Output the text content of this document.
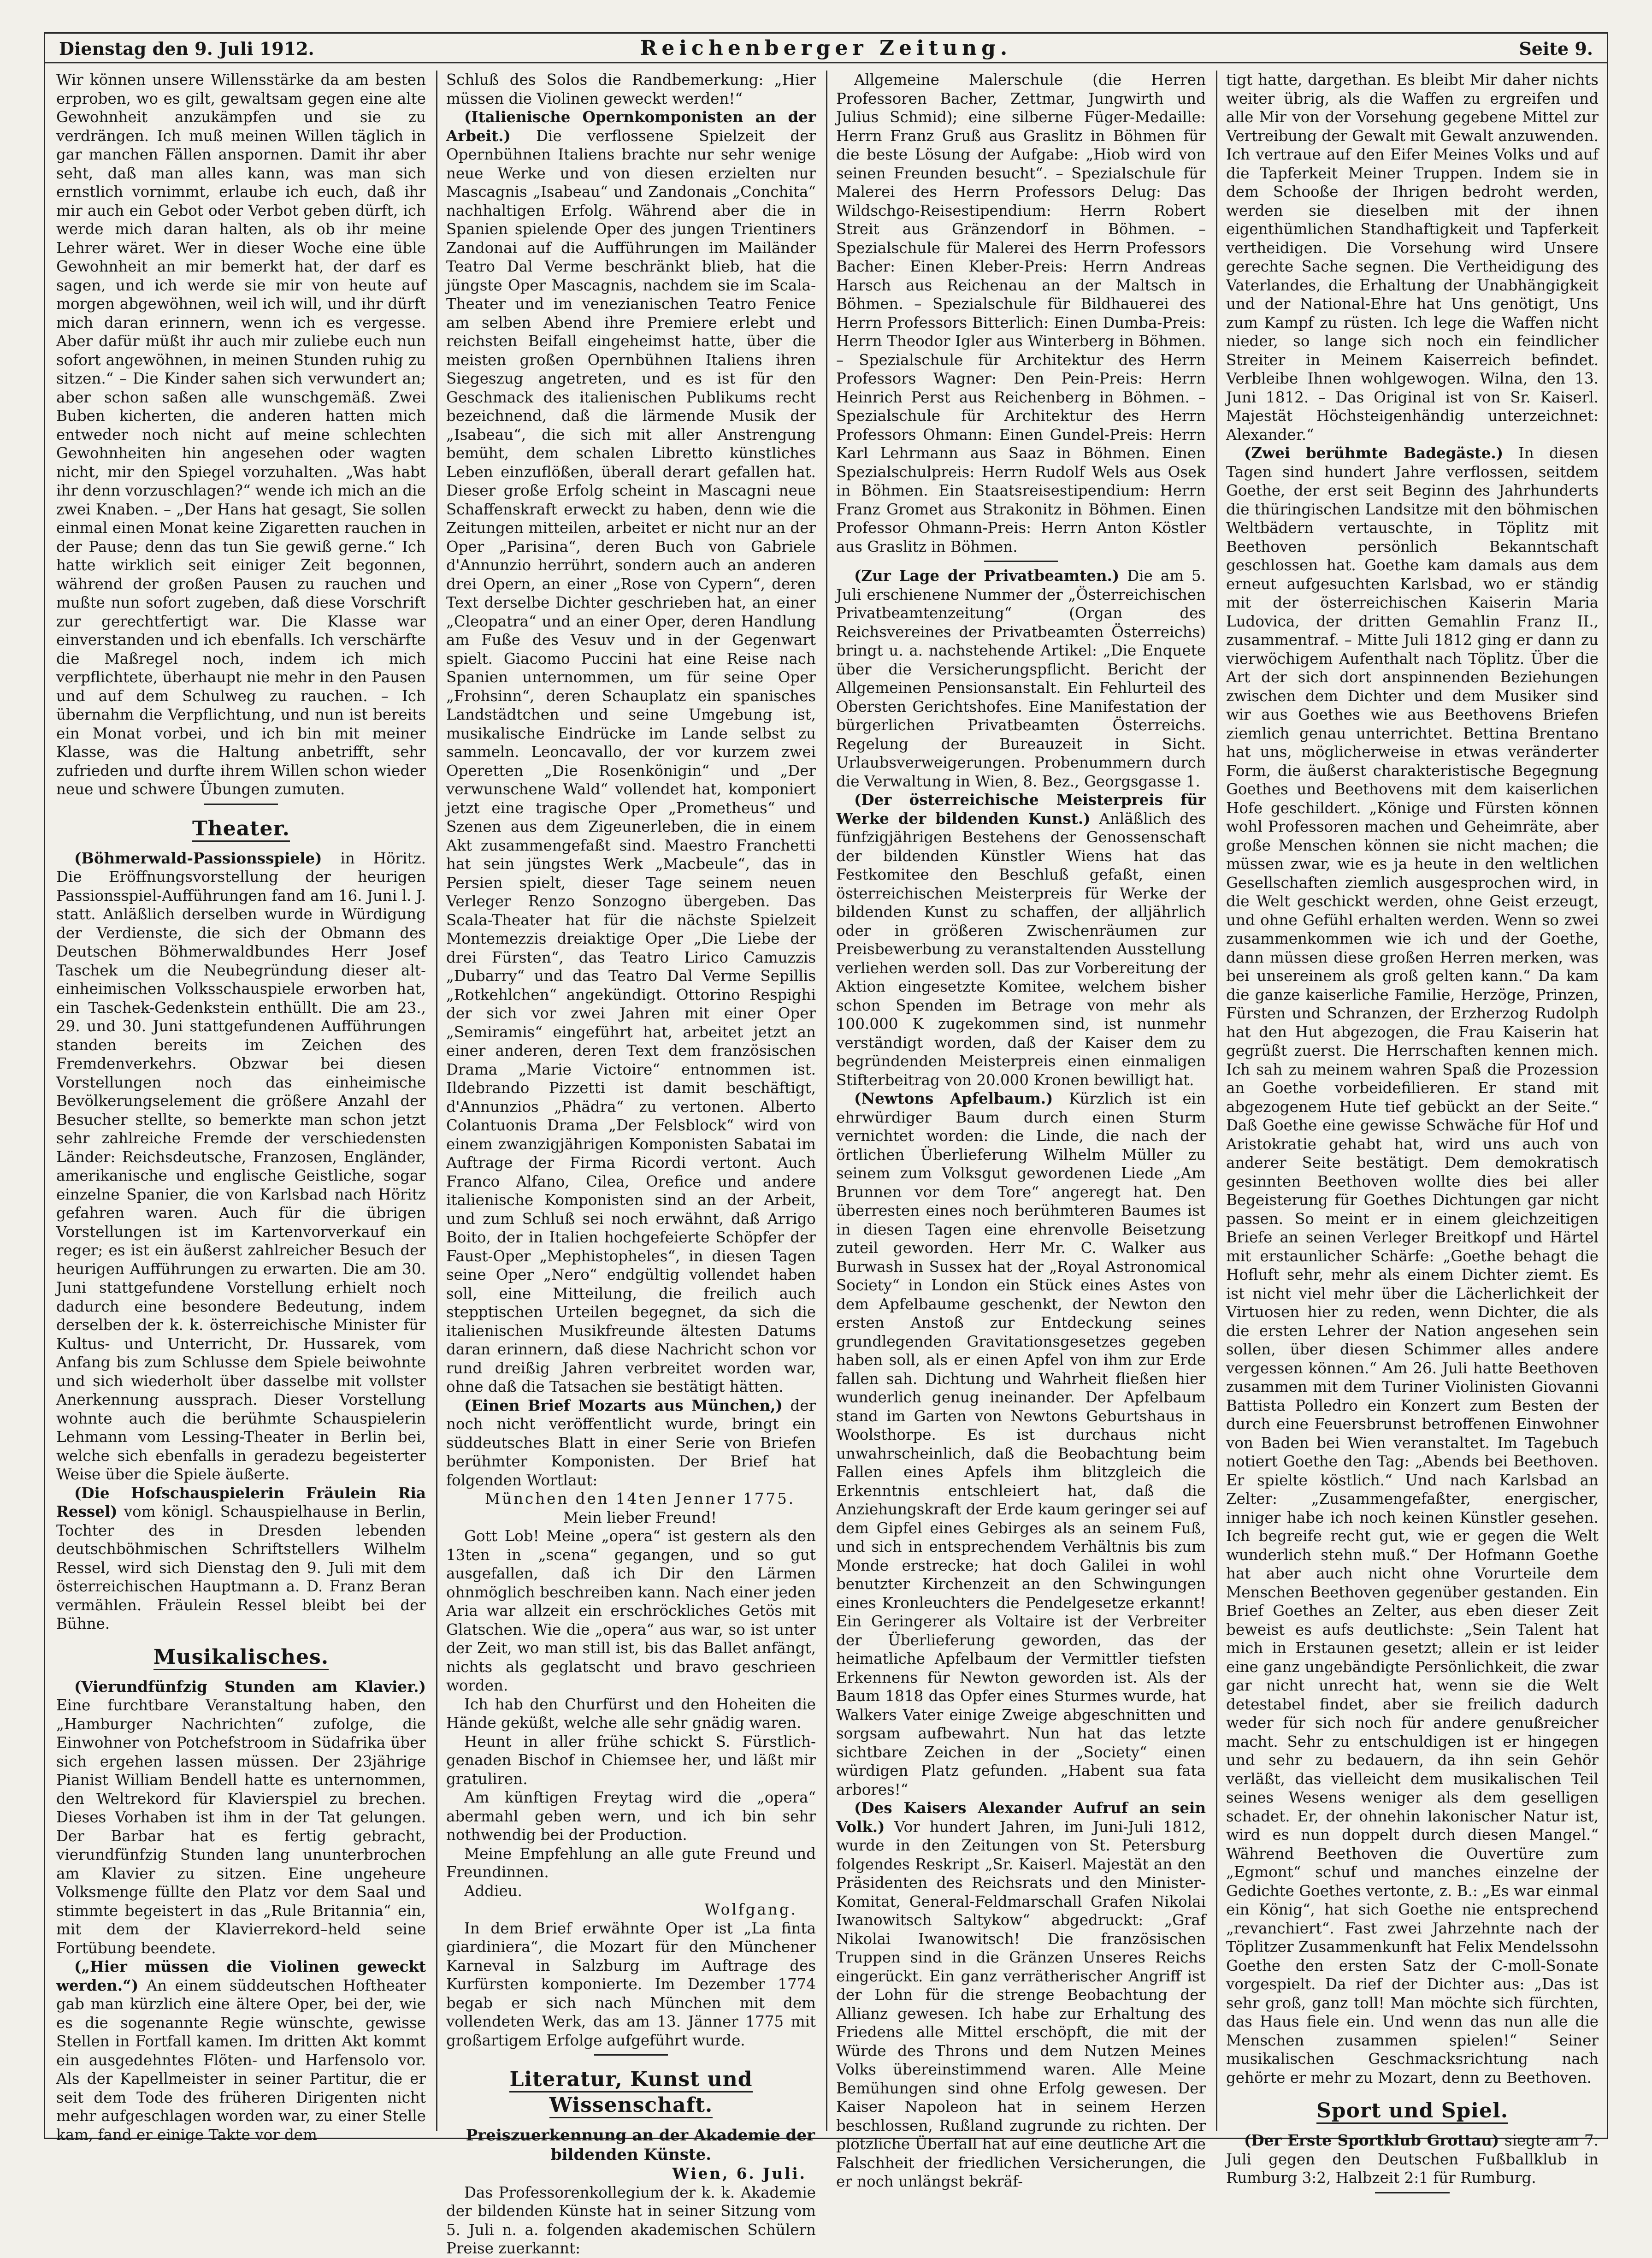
Dienstag den 9. Juli 1912.	Reichenberger Zeitung.	Seite 9.

Wir können unsere Willensstärke da am besten erproben, wo es gilt, gewaltsam gegen eine alte Gewohnheit anzukämpfen und sie zu verdrängen. Ich muß meinen Willen täglich in gar manchen Fällen anspornen. Damit ihr aber seht, daß man alles kann, was man sich ernstlich vornimmt, erlaube ich euch, daß ihr mir auch ein Gebot oder Verbot geben dürft, ich werde mich daran halten, als ob ihr meine Lehrer wäret. Wer in dieser Woche eine üble Gewohnheit an mir bemerkt hat, der darf es sagen, und ich werde sie mir von heute auf morgen abgewöhnen, weil ich will, und ihr dürft mich daran erinnern, wenn ich es vergesse. Aber dafür müßt ihr auch mir zuliebe euch nun sofort angewöhnen, in meinen Stunden ruhig zu sitzen.“ – Die Kinder sahen sich verwundert an; aber schon saßen alle wunschgemäß. Zwei Buben kicherten, die anderen hatten mich entweder noch nicht auf meine schlechten Gewohnheiten hin angesehen oder wagten nicht, mir den Spiegel vorzuhalten. „Was habt ihr denn vorzuschlagen?“ wende ich mich an die zwei Knaben. – „Der Hans hat gesagt, Sie sollen einmal einen Monat keine Zigaretten rauchen in der Pause; denn das tun Sie gewiß gerne.“ Ich hatte wirklich seit einiger Zeit begonnen, während der großen Pausen zu rauchen und mußte nun sofort zugeben, daß diese Vorschrift zur gerechtfertigt war. Die Klasse war einverstanden und ich ebenfalls. Ich verschärfte die Maßregel noch, indem ich mich verpflichtete, überhaupt nie mehr in den Pausen und auf dem Schulweg zu rauchen. – Ich übernahm die Verpflichtung, und nun ist bereits ein Monat vorbei, und ich bin mit meiner Klasse, was die Haltung anbetrifft, sehr zufrieden und durfte ihrem Willen schon wieder neue und schwere Übungen zumuten.

Theater.

(Böhmerwald-Passionsspiele) in Höritz. Die Eröffnungsvorstellung der heurigen Passionsspiel-Aufführungen fand am 16. Juni l. J. statt. Anläßlich derselben wurde in Würdigung der Verdienste, die sich der Obmann des Deutschen Böhmerwaldbundes Herr Josef Taschek um die Neubegründung dieser alt-einheimischen Volksschauspiele erworben hat, ein Taschek-Gedenkstein enthüllt. Die am 23., 29. und 30. Juni stattgefundenen Aufführungen standen bereits im Zeichen des Fremdenverkehrs. Obzwar bei diesen Vorstellungen noch das einheimische Bevölkerungselement die größere Anzahl der Besucher stellte, so bemerkte man schon jetzt sehr zahlreiche Fremde der verschiedensten Länder: Reichsdeutsche, Franzosen, Engländer, amerikanische und englische Geistliche, sogar einzelne Spanier, die von Karlsbad nach Höritz gefahren waren. Auch für die übrigen Vorstellungen ist im Kartenvorverkauf ein reger; es ist ein äußerst zahlreicher Besuch der heurigen Aufführungen zu erwarten. Die am 30. Juni stattgefundene Vorstellung erhielt noch dadurch eine besondere Bedeutung, indem derselben der k. k. österreichische Minister für Kultus- und Unterricht, Dr. Hussarek, vom Anfang bis zum Schlusse dem Spiele beiwohnte und sich wiederholt über dasselbe mit vollster Anerkennung aussprach. Dieser Vorstellung wohnte auch die berühmte Schauspielerin Lehmann vom Lessing-Theater in Berlin bei, welche sich ebenfalls in geradezu begeisterter Weise über die Spiele äußerte.

(Die Hofschauspielerin Fräulein Ria Ressel) vom königl. Schauspielhause in Berlin, Tochter des in Dresden lebenden deutschböhmischen Schriftstellers Wilhelm Ressel, wird sich Dienstag den 9. Juli mit dem österreichischen Hauptmann a. D. Franz Beran vermählen. Fräulein Ressel bleibt bei der Bühne.

Musikalisches.

(Vierundfünfzig Stunden am Klavier.) Eine furchtbare Veranstaltung haben, den „Hamburger Nachrichten“ zufolge, die Einwohner von Potchefstroom in Südafrika über sich ergehen lassen müssen. Der 23jährige Pianist William Bendell hatte es unternommen, den Weltrekord für Klavierspiel zu brechen. Dieses Vorhaben ist ihm in der Tat gelungen. Der Barbar hat es fertig gebracht, vierundfünfzig Stunden lang ununterbrochen am Klavier zu sitzen. Eine ungeheure Volksmenge füllte den Platz vor dem Saal und stimmte begeistert in das „Rule Britannia“ ein, mit dem der Klavierrekord–held seine Fortübung beendete.

(„Hier müssen die Violinen geweckt werden.“) An einem süddeutschen Hoftheater gab man kürzlich eine ältere Oper, bei der, wie es die sogenannte Regie wünschte, gewisse Stellen in Fortfall kamen. Im dritten Akt kommt ein ausgedehntes Flöten- und Harfensolo vor. Als der Kapellmeister in seiner Partitur, die er seit dem Tode des früheren Dirigenten nicht mehr aufgeschlagen worden war, zu einer Stelle kam, fand er einige Takte vor dem

Schluß des Solos die Randbemerkung: „Hier müssen die Violinen geweckt werden!“

(Italienische Opernkomponisten an der Arbeit.) Die verflossene Spielzeit der Opernbühnen Italiens brachte nur sehr wenige neue Werke und von diesen erzielten nur Mascagnis „Isabeau“ und Zandonais „Conchita“ nachhaltigen Erfolg. Während aber die in Spanien spielende Oper des jungen Trientiners Zandonai auf die Aufführungen im Mailänder Teatro Dal Verme beschränkt blieb, hat die jüngste Oper Mascagnis, nachdem sie im Scala-Theater und im venezianischen Teatro Fenice am selben Abend ihre Premiere erlebt und reichsten Beifall eingeheimst hatte, über die meisten großen Opernbühnen Italiens ihren Siegeszug angetreten, und es ist für den Geschmack des italienischen Publikums recht bezeichnend, daß die lärmende Musik der „Isabeau“, die sich mit aller Anstrengung bemüht, dem schalen Libretto künstliches Leben einzuflößen, überall derart gefallen hat. Dieser große Erfolg scheint in Mascagni neue Schaffenskraft erweckt zu haben, denn wie die Zeitungen mitteilen, arbeitet er nicht nur an der Oper „Parisina“, deren Buch von Gabriele d'Annunzio herrührt, sondern auch an anderen drei Opern, an einer „Rose von Cypern“, deren Text derselbe Dichter geschrieben hat, an einer „Cleopatra“ und an einer Oper, deren Handlung am Fuße des Vesuv und in der Gegenwart spielt. Giacomo Puccini hat eine Reise nach Spanien unternommen, um für seine Oper „Frohsinn“, deren Schauplatz ein spanisches Landstädtchen und seine Umgebung ist, musikalische Eindrücke im Lande selbst zu sammeln. Leoncavallo, der vor kurzem zwei Operetten „Die Rosenkönigin“ und „Der verwunschene Wald“ vollendet hat, komponiert jetzt eine tragische Oper „Prometheus“ und Szenen aus dem Zigeunerleben, die in einem Akt zusammengefaßt sind. Maestro Franchetti hat sein jüngstes Werk „Macbeule“, das in Persien spielt, dieser Tage seinem neuen Verleger Renzo Sonzogno übergeben. Das Scala-Theater hat für die nächste Spielzeit Montemezzis dreiaktige Oper „Die Liebe der drei Fürsten“, das Teatro Lirico Camuzzis „Dubarry“ und das Teatro Dal Verme Sepillis „Rotkehlchen“ angekündigt. Ottorino Respighi der sich vor zwei Jahren mit einer Oper „Semiramis“ eingeführt hat, arbeitet jetzt an einer anderen, deren Text dem französischen Drama „Marie Victoire“ entnommen ist. Ildebrando Pizzetti ist damit beschäftigt, d'Annunzios „Phädra“ zu vertonen. Alberto Colantuonis Drama „Der Felsblock“ wird von einem zwanzigjährigen Komponisten Sabatai im Auftrage der Firma Ricordi vertont. Auch Franco Alfano, Cilea, Orefice und andere italienische Komponisten sind an der Arbeit, und zum Schluß sei noch erwähnt, daß Arrigo Boito, der in Italien hochgefeierte Schöpfer der Faust-Oper „Mephistopheles“, in diesen Tagen seine Oper „Nero“ endgültig vollendet haben soll, eine Mitteilung, die freilich auch stepptischen Urteilen begegnet, da sich die italienischen Musikfreunde ältesten Datums daran erinnern, daß diese Nachricht schon vor rund dreißig Jahren verbreitet worden war, ohne daß die Tatsachen sie bestätigt hätten.

(Einen Brief Mozarts aus München,) der noch nicht veröffentlicht wurde, bringt ein süddeutsches Blatt in einer Serie von Briefen berühmter Komponisten. Der Brief hat folgenden Wortlaut:

München den 14ten Jenner 1775.

Mein lieber Freund!

Gott Lob! Meine „opera“ ist gestern als den 13ten in „scena“ gegangen, und so gut ausgefallen, daß ich Dir den Lärmen ohnmöglich beschreiben kann. Nach einer jeden Aria war allzeit ein erschröckliches Getös mit Glatschen. Wie die „opera“ aus war, so ist unter der Zeit, wo man still ist, bis das Ballet anfängt, nichts als geglatscht und bravo geschrieen worden.

Ich hab den Churfürst und den Hoheiten die Hände geküßt, welche alle sehr gnädig waren.

Heunt in aller frühe schickt S. Fürstlich-genaden Bischof in Chiemsee her, und läßt mir gratuliren.

Am künftigen Freytag wird die „opera“ abermahl geben wern, und ich bin sehr nothwendig bei der Production.

Meine Empfehlung an alle gute Freund und Freundinnen.

Addieu.

Wolfgang.

In dem Brief erwähnte Oper ist „La finta giardiniera“, die Mozart für den Münchener Karneval in Salzburg im Auftrage des Kurfürsten komponierte. Im Dezember 1774 begab er sich nach München mit dem vollendeten Werk, das am 13. Jänner 1775 mit großartigem Erfolge aufgeführt wurde.

Literatur, Kunst und Wissenschaft.

Preiszuerkennung an der Akademie der bildenden Künste.

Wien, 6. Juli.

Das Professorenkollegium der k. k. Akademie der bildenden Künste hat in seiner Sitzung vom 5. Juli n. a. folgenden akademischen Schülern Preise zuerkannt:

Allgemeine Malerschule (die Herren Professoren Bacher, Zettmar, Jungwirth und Julius Schmid); eine silberne Füger-Medaille: Herrn Franz Gruß aus Graslitz in Böhmen für die beste Lösung der Aufgabe: „Hiob wird von seinen Freunden besucht“. – Spezialschule für Malerei des Herrn Professors Delug: Das Wildschgo-Reisestipendium: Herrn Robert Streit aus Gränzendorf in Böhmen. – Spezialschule für Malerei des Herrn Professors Bacher: Einen Kleber-Preis: Herrn Andreas Harsch aus Reichenau an der Maltsch in Böhmen. – Spezialschule für Bildhauerei des Herrn Professors Bitterlich: Einen Dumba-Preis: Herrn Theodor Igler aus Winterberg in Böhmen. – Spezialschule für Architektur des Herrn Professors Wagner: Den Pein-Preis: Herrn Heinrich Perst aus Reichenberg in Böhmen. – Spezialschule für Architektur des Herrn Professors Ohmann: Einen Gundel-Preis: Herrn Karl Lehrmann aus Saaz in Böhmen. Einen Spezialschulpreis: Herrn Rudolf Wels aus Osek in Böhmen. Ein Staatsreisestipendium: Herrn Franz Gromet aus Strakonitz in Böhmen. Einen Professor Ohmann-Preis: Herrn Anton Köstler aus Graslitz in Böhmen.

(Zur Lage der Privatbeamten.) Die am 5. Juli erschienene Nummer der „Österreichischen Privatbeamtenzeitung“ (Organ des Reichsvereines der Privatbeamten Österreichs) bringt u. a. nachstehende Artikel: „Die Enquete über die Versicherungspflicht. Bericht der Allgemeinen Pensionsanstalt. Ein Fehlurteil des Obersten Gerichtshofes. Eine Manifestation der bürgerlichen Privatbeamten Österreichs. Regelung der Bureauzeit in Sicht. Urlaubsverweigerungen. Probenummern durch die Verwaltung in Wien, 8. Bez., Georgsgasse 1.

(Der österreichische Meisterpreis für Werke der bildenden Kunst.) Anläßlich des fünfzigjährigen Bestehens der Genossenschaft der bildenden Künstler Wiens hat das Festkomitee den Beschluß gefaßt, einen österreichischen Meisterpreis für Werke der bildenden Kunst zu schaffen, der alljährlich oder in größeren Zwischenräumen zur Preisbewerbung zu veranstaltenden Ausstellung verliehen werden soll. Das zur Vorbereitung der Aktion eingesetzte Komitee, welchem bisher schon Spenden im Betrage von mehr als 100.000 K zugekommen sind, ist nunmehr verständigt worden, daß der Kaiser dem zu begründenden Meisterpreis einen einmaligen Stifterbeitrag von 20.000 Kronen bewilligt hat.

(Newtons Apfelbaum.) Kürzlich ist ein ehrwürdiger Baum durch einen Sturm vernichtet worden: die Linde, die nach der örtlichen Überlieferung Wilhelm Müller zu seinem zum Volksgut gewordenen Liede „Am Brunnen vor dem Tore“ angeregt hat. Den überresten eines noch berühmteren Baumes ist in diesen Tagen eine ehrenvolle Beisetzung zuteil geworden. Herr Mr. C. Walker aus Burwash in Sussex hat der „Royal Astronomical Society“ in London ein Stück eines Astes von dem Apfelbaume geschenkt, der Newton den ersten Anstoß zur Entdeckung seines grundlegenden Gravitationsgesetzes gegeben haben soll, als er einen Apfel von ihm zur Erde fallen sah. Dichtung und Wahrheit fließen hier wunderlich genug ineinander. Der Apfelbaum stand im Garten von Newtons Geburtshaus in Woolsthorpe. Es ist durchaus nicht unwahrscheinlich, daß die Beobachtung beim Fallen eines Apfels ihm blitzgleich die Erkenntnis entschleiert hat, daß die Anziehungskraft der Erde kaum geringer sei auf dem Gipfel eines Gebirges als an seinem Fuß, und sich in entsprechendem Verhältnis bis zum Monde erstrecke; hat doch Galilei in wohl benutzter Kirchenzeit an den Schwingungen eines Kronleuchters die Pendelgesetze erkannt! Ein Geringerer als Voltaire ist der Verbreiter der Überlieferung geworden, das der heimatliche Apfelbaum der Vermittler tiefsten Erkennens für Newton geworden ist. Als der Baum 1818 das Opfer eines Sturmes wurde, hat Walkers Vater einige Zweige abgeschnitten und sorgsam aufbewahrt. Nun hat das letzte sichtbare Zeichen in der „Society“ einen würdigen Platz gefunden. „Habent sua fata arbores!“

(Des Kaisers Alexander Aufruf an sein Volk.) Vor hundert Jahren, im Juni-Juli 1812, wurde in den Zeitungen von St. Petersburg folgendes Reskript „Sr. Kaiserl. Majestät an den Präsidenten des Reichsrats und den Minister-Komitat, General-Feldmarschall Grafen Nikolai Iwanowitsch Saltykow“ abgedruckt: „Graf Nikolai Iwanowitsch! Die französischen Truppen sind in die Gränzen Unseres Reichs eingerückt. Ein ganz verrätherischer Angriff ist der Lohn für die strenge Beobachtung der Allianz gewesen. Ich habe zur Erhaltung des Friedens alle Mittel erschöpft, die mit der Würde des Throns und dem Nutzen Meines Volks übereinstimmend waren. Alle Meine Bemühungen sind ohne Erfolg gewesen. Der Kaiser Napoleon hat in seinem Herzen beschlossen, Rußland zugrunde zu richten. Der plötzliche Überfall hat auf eine deutliche Art die Falschheit der friedlichen Versicherungen, die er noch unlängst bekräf-

tigt hatte, dargethan. Es bleibt Mir daher nichts weiter übrig, als die Waffen zu ergreifen und alle Mir von der Vorsehung gegebene Mittel zur Vertreibung der Gewalt mit Gewalt anzuwenden. Ich vertraue auf den Eifer Meines Volks und auf die Tapferkeit Meiner Truppen. Indem sie in dem Schooße der Ihrigen bedroht werden, werden sie dieselben mit der ihnen eigenthümlichen Standhaftigkeit und Tapferkeit vertheidigen. Die Vorsehung wird Unsere gerechte Sache segnen. Die Vertheidigung des Vaterlandes, die Erhaltung der Unabhängigkeit und der National-Ehre hat Uns genötigt, Uns zum Kampf zu rüsten. Ich lege die Waffen nicht nieder, so lange sich noch ein feindlicher Streiter in Meinem Kaiserreich befindet. Verbleibe Ihnen wohlgewogen. Wilna, den 13. Juni 1812. – Das Original ist von Sr. Kaiserl. Majestät Höchsteigenhändig unterzeichnet: Alexander.“

(Zwei berühmte Badegäste.) In diesen Tagen sind hundert Jahre verflossen, seitdem Goethe, der erst seit Beginn des Jahrhunderts die thüringischen Landsitze mit den böhmischen Weltbädern vertauschte, in Töplitz mit Beethoven persönlich Bekanntschaft geschlossen hat. Goethe kam damals aus dem erneut aufgesuchten Karlsbad, wo er ständig mit der österreichischen Kaiserin Maria Ludovica, der dritten Gemahlin Franz II., zusammentraf. – Mitte Juli 1812 ging er dann zu vierwöchigem Aufenthalt nach Töplitz. Über die Art der sich dort anspinnenden Beziehungen zwischen dem Dichter und dem Musiker sind wir aus Goethes wie aus Beethovens Briefen ziemlich genau unterrichtet. Bettina Brentano hat uns, möglicherweise in etwas veränderter Form, die äußerst charakteristische Begegnung Goethes und Beethovens mit dem kaiserlichen Hofe geschildert. „Könige und Fürsten können wohl Professoren machen und Geheimräte, aber große Menschen können sie nicht machen; die müssen zwar, wie es ja heute in den weltlichen Gesellschaften ziemlich ausgesprochen wird, in die Welt geschickt werden, ohne Geist erzeugt, und ohne Gefühl erhalten werden. Wenn so zwei zusammenkommen wie ich und der Goethe, dann müssen diese großen Herren merken, was bei unsereinem als groß gelten kann.“ Da kam die ganze kaiserliche Familie, Herzöge, Prinzen, Fürsten und Schranzen, der Erzherzog Rudolph hat den Hut abgezogen, die Frau Kaiserin hat gegrüßt zuerst. Die Herrschaften kennen mich. Ich sah zu meinem wahren Spaß die Prozession an Goethe vorbeidefilieren. Er stand mit abgezogenem Hute tief gebückt an der Seite.“ Daß Goethe eine gewisse Schwäche für Hof und Aristokratie gehabt hat, wird uns auch von anderer Seite bestätigt. Dem demokratisch gesinnten Beethoven wollte dies bei aller Begeisterung für Goethes Dichtungen gar nicht passen. So meint er in einem gleichzeitigen Briefe an seinen Verleger Breitkopf und Härtel mit erstaunlicher Schärfe: „Goethe behagt die Hofluft sehr, mehr als einem Dichter ziemt. Es ist nicht viel mehr über die Lächerlichkeit der Virtuosen hier zu reden, wenn Dichter, die als die ersten Lehrer der Nation angesehen sein sollen, über diesen Schimmer alles andere vergessen können.“ Am 26. Juli hatte Beethoven zusammen mit dem Turiner Violinisten Giovanni Battista Polledro ein Konzert zum Besten der durch eine Feuersbrunst betroffenen Einwohner von Baden bei Wien veranstaltet. Im Tagebuch notiert Goethe den Tag: „Abends bei Beethoven. Er spielte köstlich.“ Und nach Karlsbad an Zelter: „Zusammengefaßter, energischer, inniger habe ich noch keinen Künstler gesehen. Ich begreife recht gut, wie er gegen die Welt wunderlich stehn muß.“ Der Hofmann Goethe hat aber auch nicht ohne Vorurteile dem Menschen Beethoven gegenüber gestanden. Ein Brief Goethes an Zelter, aus eben dieser Zeit beweist es aufs deutlichste: „Sein Talent hat mich in Erstaunen gesetzt; allein er ist leider eine ganz ungebändigte Persönlichkeit, die zwar gar nicht unrecht hat, wenn sie die Welt detestabel findet, aber sie freilich dadurch weder für sich noch für andere genußreicher macht. Sehr zu entschuldigen ist er hingegen und sehr zu bedauern, da ihn sein Gehör verläßt, das vielleicht dem musikalischen Teil seines Wesens weniger als dem geselligen schadet. Er, der ohnehin lakonischer Natur ist, wird es nun doppelt durch diesen Mangel.“ Während Beethoven die Ouvertüre zum „Egmont“ schuf und manches einzelne der Gedichte Goethes vertonte, z. B.: „Es war einmal ein König“, hat sich Goethe nie entsprechend „revanchiert“. Fast zwei Jahrzehnte nach der Töplitzer Zusammenkunft hat Felix Mendelssohn Goethe den ersten Satz der C-moll-Sonate vorgespielt. Da rief der Dichter aus: „Das ist sehr groß, ganz toll! Man möchte sich fürchten, das Haus fiele ein. Und wenn das nun alle die Menschen zusammen spielen!“ Seiner musikalischen Geschmacksrichtung nach gehörte er mehr zu Mozart, denn zu Beethoven.

Sport und Spiel.

(Der Erste Sportklub Grottau) siegte am 7. Juli gegen den Deutschen Fußballklub in Rumburg 3:2, Halbzeit 2:1 für Rumburg.
